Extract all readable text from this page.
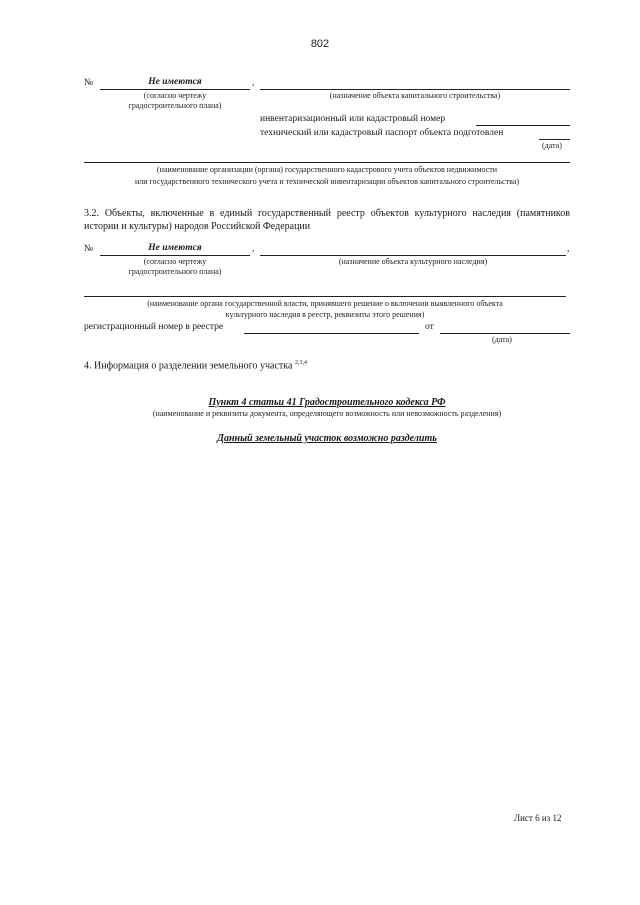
802
№	Не имеются	,
(согласно чертежу
градостроительного плана)
(назначение объекта капитального строительства)
инвентаризационный или кадастровый номер
технический или кадастровый паспорт объекта подготовлен
(дата)
(наименование организации (органа) государственного кадастрового учета объектов недвижимости
или государственного технического учета и технической инвентаризации объектов капитального строительства)
3.2. Объекты, включенные в единый государственный реестр объектов культурного наследия (памятников истории и культуры) народов Российской Федерации
№	Не имеются	,	,
(согласно чертежу
градостроительного плана)
(назначение объекта культурного наследия)
(наименование органа государственной власти, принявшего решение о включении выявленного объекта
культурного наследия в реестр, реквизиты этого решения)
регистрационный номер в реестре	от
(дата)
4. Информация о разделении земельного участка $^{2,3,4}$
Пункт 4 статьи 41 Градостроительного кодекса РФ
(наименование и реквизиты документа, определяющего возможность или невозможность разделения)
Данный земельный участок возможно разделить
Лист 6 из 12
